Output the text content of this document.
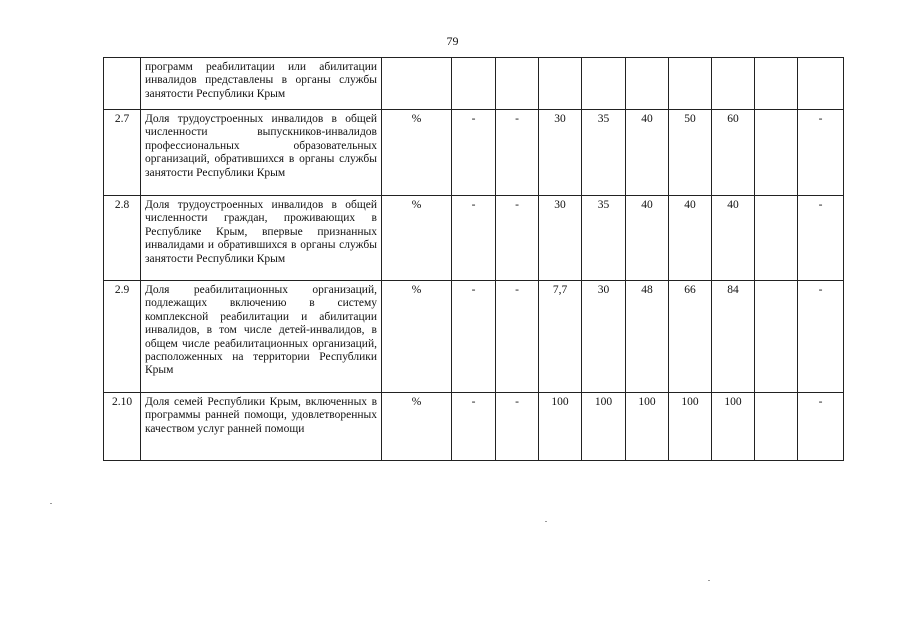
79
	программ реабилитации или абилитации инвалидов представлены в органы службы занятости Республики Крым										
2.7	Доля трудоустроенных инвалидов в общей численности выпускников-инвалидов профессиональных образовательных организаций, обратившихся в органы службы занятости Республики Крым	%	-	-	30	35	40	50	60		-
2.8	Доля трудоустроенных инвалидов в общей численности граждан, проживающих в Республике Крым, впервые признанных инвалидами и обратившихся в органы службы занятости Республики Крым	%	-	-	30	35	40	40	40		-
2.9	Доля реабилитационных организаций, подлежащих включению в систему комплексной реабилитации и абилитации инвалидов, в том числе детей-инвалидов, в общем числе реабилитационных организаций, расположенных на территории Республики Крым	%	-	-	7,7	30	48	66	84		-
2.10	Доля семей Республики Крым, включенных в программы ранней помощи, удовлетворенных качеством услуг ранней помощи	%	-	-	100	100	100	100	100		-
